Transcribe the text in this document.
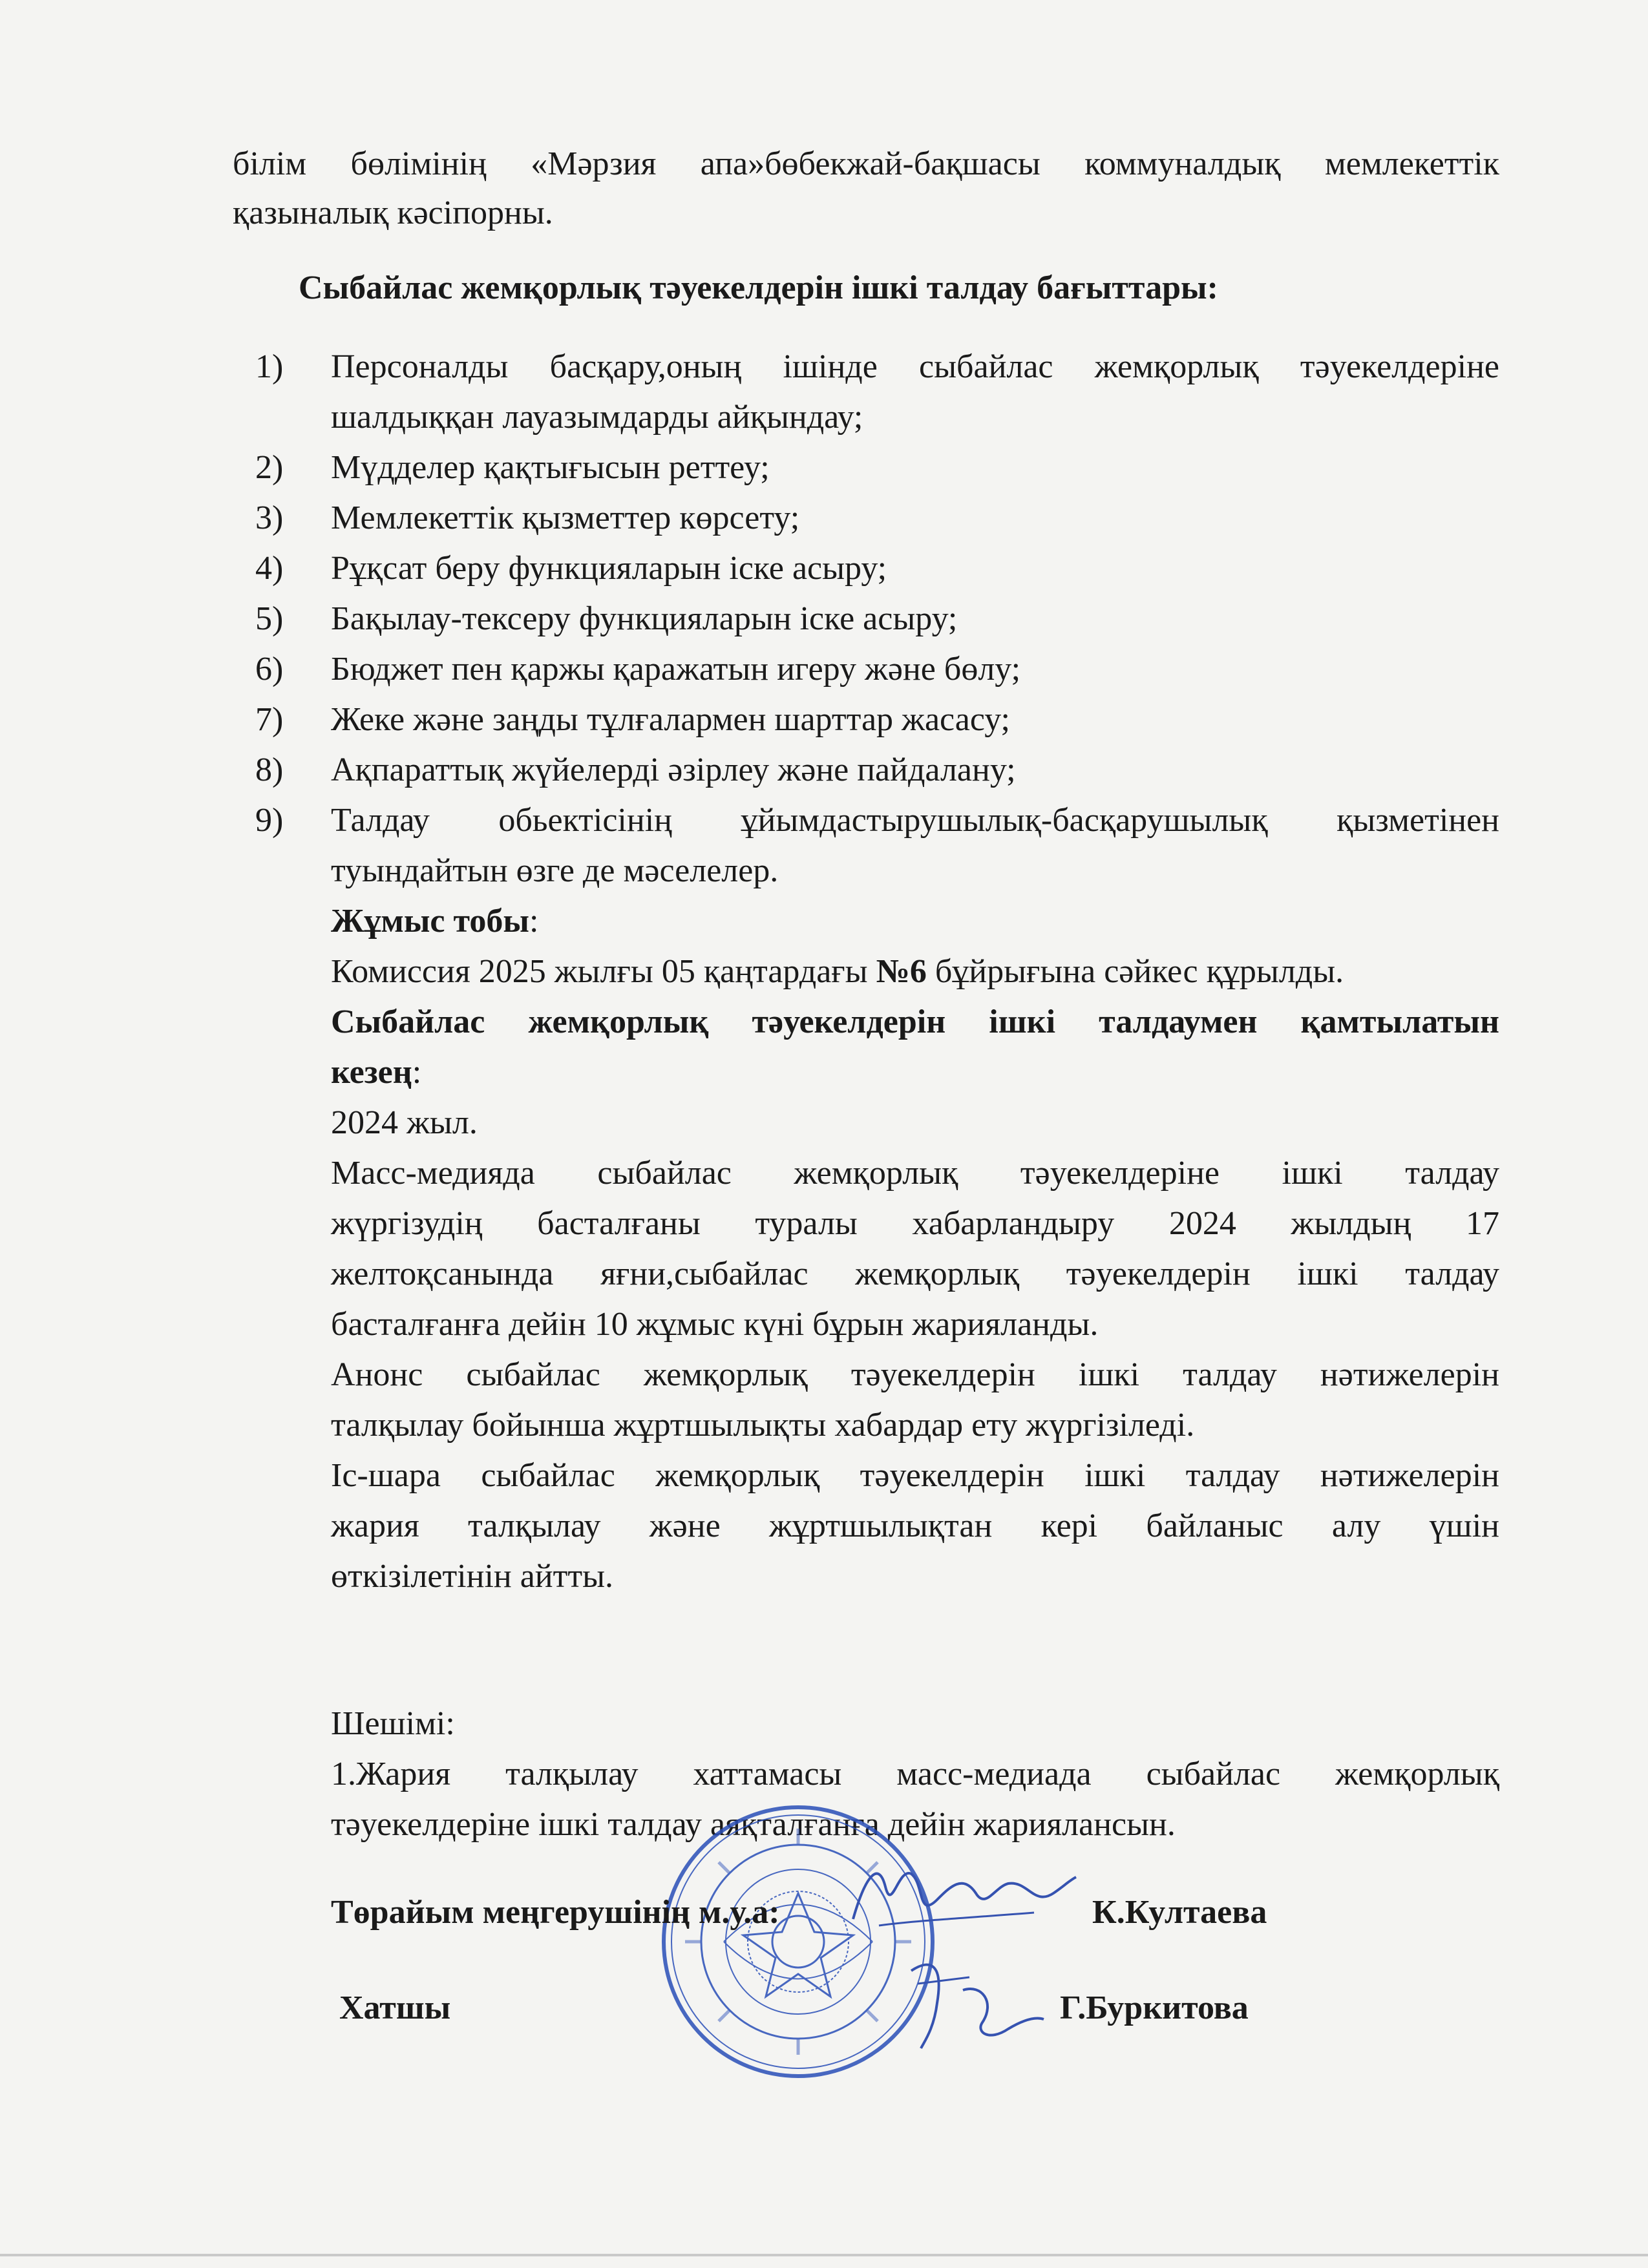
білім бөлімінің «Мәрзия апа»бөбекжай-бақшасы коммуналдық мемлекеттік
қазыналық кәсіпорны.
Сыбайлас жемқорлық тәуекелдерін ішкі талдау бағыттары:
1)	Персоналды басқару,оның ішінде сыбайлас жемқорлық тәуекелдеріне
шалдыққан лауазымдарды айқындау;
2)	Мүдделер қақтығысын реттеу;
3)	Мемлекеттік қызметтер көрсету;
4)	Рұқсат беру функцияларын іске асыру;
5)	Бақылау-тексеру функцияларын іске асыру;
6)	Бюджет пен қаржы қаражатын игеру және бөлу;
7)	Жеке және заңды тұлғалармен шарттар жасасу;
8)	Ақпараттық жүйелерді әзірлеу және пайдалану;
9)	Талдау обьектісінің ұйымдастырушылық-басқарушылық қызметінен
туындайтын өзге де мәселелер.
Жұмыс тобы:
Комиссия 2025 жылғы 05 қаңтардағы №6 бұйрығына сәйкес құрылды.
Сыбайлас жемқорлық тәуекелдерін ішкі талдаумен қамтылатын
кезең:
2024 жыл.
Масс-медияда сыбайлас жемқорлық тәуекелдеріне ішкі талдау
жүргізудің басталғаны туралы хабарландыру 2024 жылдың 17
желтоқсанында яғни,сыбайлас жемқорлық тәуекелдерін ішкі талдау
басталғанға дейін 10 жұмыс күні бұрын жарияланды.
Анонс сыбайлас жемқорлық тәуекелдерін ішкі талдау нәтижелерін
талқылау бойынша жұртшылықты хабардар ету жүргізіледі.
Іс-шара сыбайлас жемқорлық тәуекелдерін ішкі талдау нәтижелерін
жария талқылау және жұртшылықтан кері байланыс алу үшін
өткізілетінін айтты.
Шешімі:
1.Жария талқылау хаттамасы масс-медиада сыбайлас жемқорлық
тәуекелдеріне ішкі талдау аяқталғанға дейін жариялансын.
Төрайым меңгерушінің м.у.а:	К.Култаева
Хатшы	Г.Буркитова
